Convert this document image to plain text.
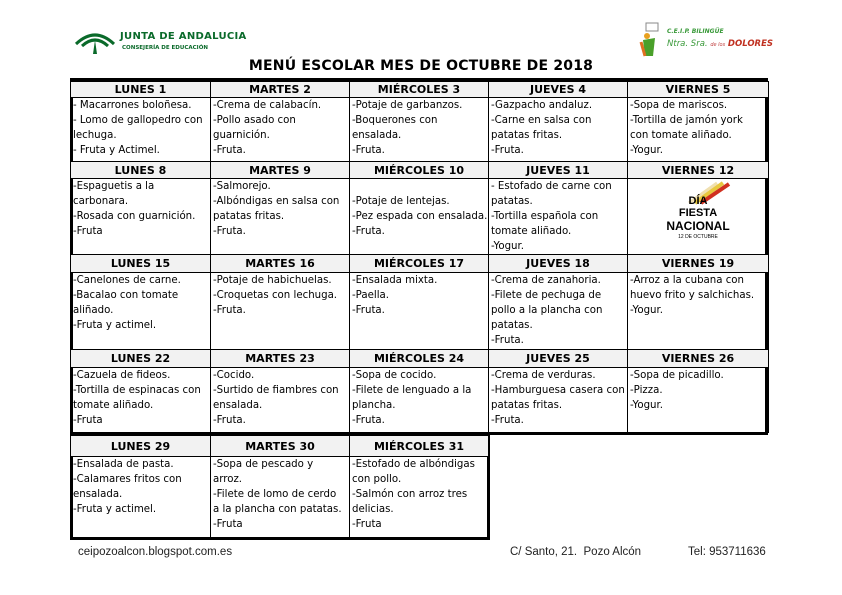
JUNTA DE ANDALUCIA
CONSEJERÍA DE EDUCACIÓN
C.E.I.P. BILINGÜE
Ntra. Sra. de los DOLORES
MENÚ ESCOLAR MES DE OCTUBRE DE 2018
LUNES 1
- Macarrones boloñesa.
- Lomo de gallopedro con
lechuga.
- Fruta y Actimel.
MARTES 2
-Crema de calabacín.
-Pollo asado con
guarnición.
-Fruta.
MIÉRCOLES 3
-Potaje de garbanzos.
-Boquerones con
ensalada.
-Fruta.
JUEVES 4
-Gazpacho andaluz.
-Carne en salsa con
patatas fritas.
-Fruta.
VIERNES 5
-Sopa de mariscos.
-Tortilla de jamón york
con tomate aliñado.
-Yogur.
LUNES 8
-Espaguetis a la
carbonara.
-Rosada con guarnición.
-Fruta
MARTES 9
-Salmorejo.
-Albóndigas en salsa con
patatas fritas.
-Fruta.
MIÉRCOLES 10
-Potaje de lentejas.
-Pez espada con ensalada.
-Fruta.
JUEVES 11
- Estofado de carne con
patatas.
-Tortilla española con
tomate aliñado.
-Yogur.
VIERNES 12
DÍA
FIESTA
NACIONAL
12 DE OCTUBRE
LUNES 15
-Canelones de carne.
-Bacalao con tomate
aliñado.
-Fruta y actimel.
MARTES 16
-Potaje de habichuelas.
-Croquetas con lechuga.
-Fruta.
MIÉRCOLES 17
-Ensalada mixta.
-Paella.
-Fruta.
JUEVES 18
-Crema de zanahoria.
-Filete de pechuga de
pollo a la plancha con
patatas.
-Fruta.
VIERNES 19
-Arroz a la cubana con
huevo frito y salchichas.
-Yogur.
LUNES 22
-Cazuela de fideos.
-Tortilla de espinacas con
tomate aliñado.
-Fruta
MARTES 23
-Cocido.
-Surtido de fiambres con
ensalada.
-Fruta.
MIÉRCOLES 24
-Sopa de cocido.
-Filete de lenguado a la
plancha.
-Fruta.
JUEVES 25
-Crema de verduras.
-Hamburguesa casera con
patatas fritas.
-Fruta.
VIERNES 26
-Sopa de picadillo.
-Pizza.
-Yogur.
LUNES 29
-Ensalada de pasta.
-Calamares fritos con
ensalada.
-Fruta y actimel.
MARTES 30
-Sopa de pescado y
arroz.
-Filete de lomo de cerdo
a la plancha con patatas.
-Fruta
MIÉRCOLES 31
-Estofado de albóndigas
con pollo.
-Salmón con arroz tres
delicias.
-Fruta
ceipozoalcon.blogspot.com.es	C/ Santo, 21.  Pozo Alcón	Tel: 953711636
